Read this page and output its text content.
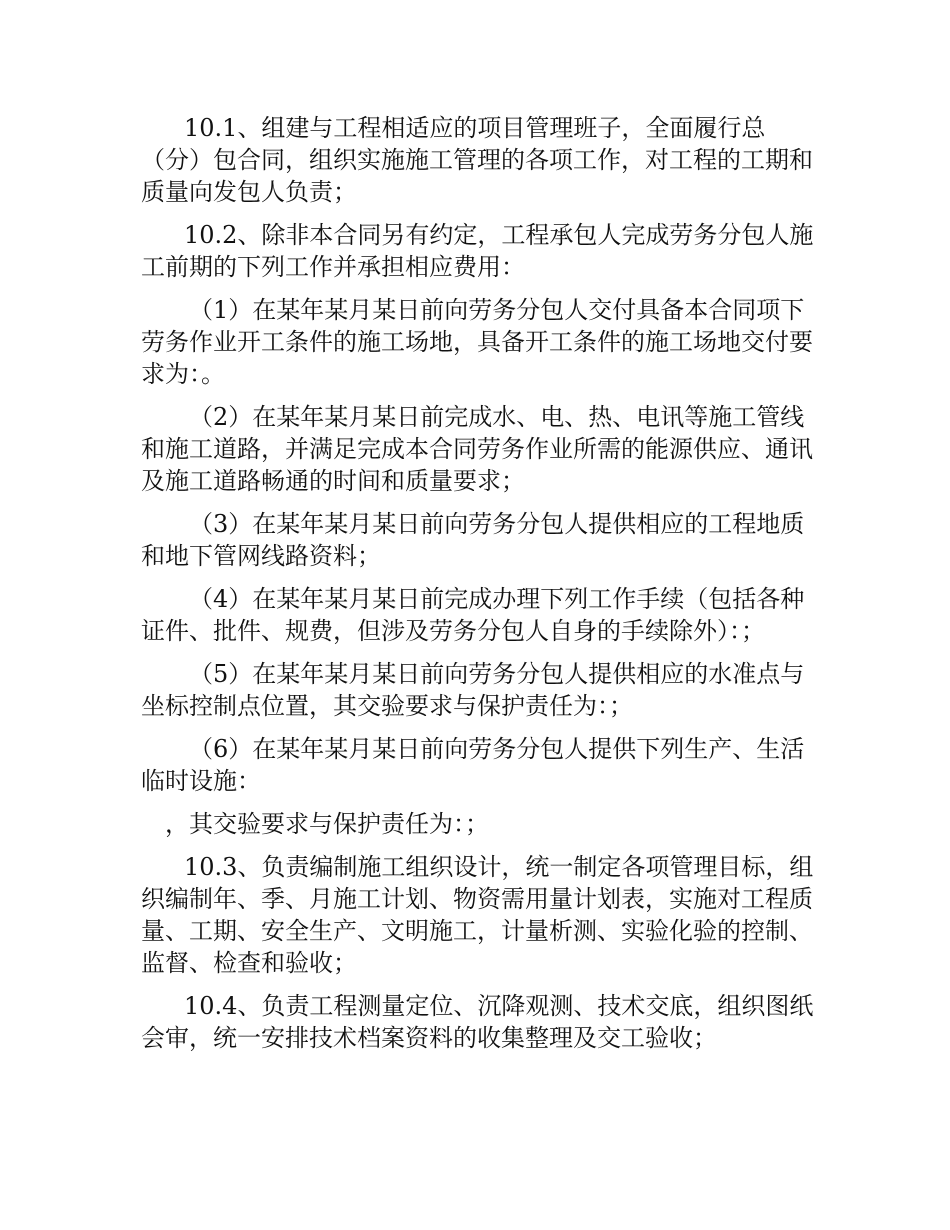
10.1、组建与工程相适应的项目管理班子，全面履行总（分）包合同，组织实施施工管理的各项工作，对工程的工期和质量向发包人负责；

10.2、除非本合同另有约定，工程承包人完成劳务分包人施工前期的下列工作并承担相应费用：

（1）在某年某月某日前向劳务分包人交付具备本合同项下劳务作业开工条件的施工场地，具备开工条件的施工场地交付要求为：。

（2）在某年某月某日前完成水、电、热、电讯等施工管线和施工道路，并满足完成本合同劳务作业所需的能源供应、通讯及施工道路畅通的时间和质量要求；

（3）在某年某月某日前向劳务分包人提供相应的工程地质和地下管网线路资料；

（4）在某年某月某日前完成办理下列工作手续（包括各种证件、批件、规费，但涉及劳务分包人自身的手续除外）：；

（5）在某年某月某日前向劳务分包人提供相应的水准点与坐标控制点位置，其交验要求与保护责任为：；

（6）在某年某月某日前向劳务分包人提供下列生产、生活临时设施：

，其交验要求与保护责任为：；

10.3、负责编制施工组织设计，统一制定各项管理目标，组织编制年、季、月施工计划、物资需用量计划表，实施对工程质量、工期、安全生产、文明施工，计量析测、实验化验的控制、监督、检查和验收；

10.4、负责工程测量定位、沉降观测、技术交底，组织图纸会审，统一安排技术档案资料的收集整理及交工验收；
